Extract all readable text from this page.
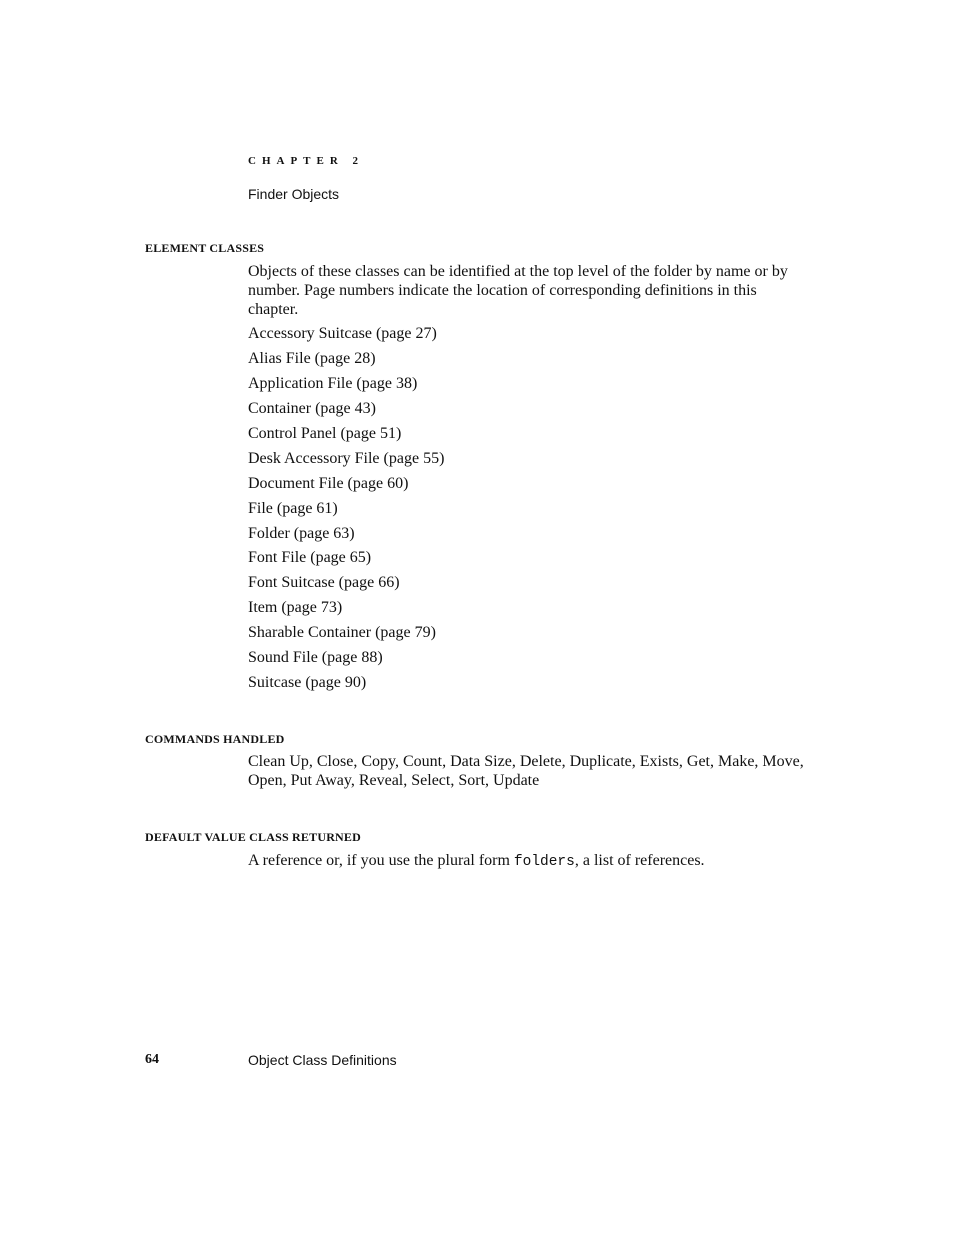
CHAPTER 2
Finder Objects
ELEMENT CLASSES
Objects of these classes can be identified at the top level of the folder by name or by number. Page numbers indicate the location of corresponding definitions in this chapter.
Accessory Suitcase (page 27)
Alias File (page 28)
Application File (page 38)
Container (page 43)
Control Panel (page 51)
Desk Accessory File (page 55)
Document File (page 60)
File (page 61)
Folder (page 63)
Font File (page 65)
Font Suitcase (page 66)
Item (page 73)
Sharable Container (page 79)
Sound File (page 88)
Suitcase (page 90)
COMMANDS HANDLED
Clean Up, Close, Copy, Count, Data Size, Delete, Duplicate, Exists, Get, Make, Move, Open, Put Away, Reveal, Select, Sort, Update
DEFAULT VALUE CLASS RETURNED
A reference or, if you use the plural form folders, a list of references.
64	Object Class Definitions
